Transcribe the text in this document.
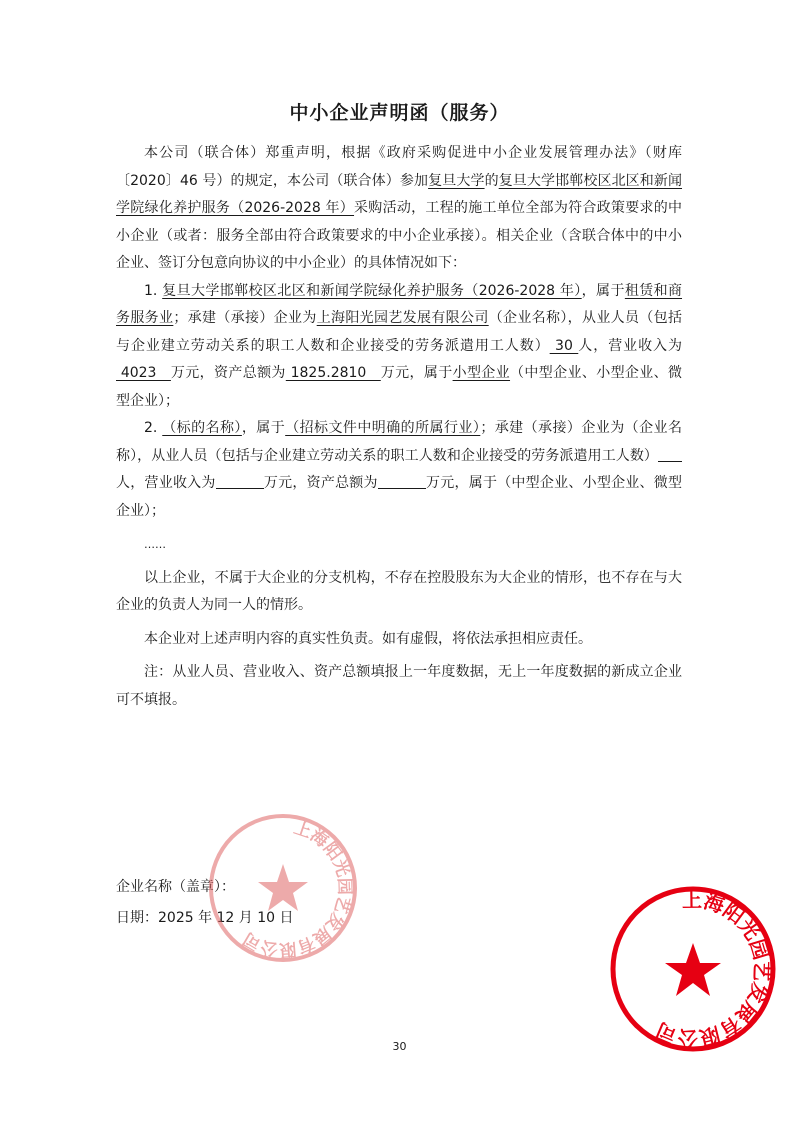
中小企业声明函（服务）

本公司（联合体）郑重声明，根据《政府采购促进中小企业发展管理办法》（财库〔2020〕46 号）的规定，本公司（联合体）参加复旦大学的复旦大学邯郸校区北区和新闻学院绿化养护服务（2026-2028 年）采购活动，工程的施工单位全部为符合政策要求的中小企业（或者：服务全部由符合政策要求的中小企业承接）。相关企业（含联合体中的中小企业、签订分包意向协议的中小企业）的具体情况如下：

1. 复旦大学邯郸校区北区和新闻学院绿化养护服务（2026-2028 年），属于租赁和商务服务业；承建（承接）企业为上海阳光园艺发展有限公司（企业名称），从业人员（包括与企业建立劳动关系的职工人数和企业接受的劳务派遣用工人数） 30 人，营业收入为 4023   万元，资产总额为 1825.2810   万元，属于小型企业（中型企业、小型企业、微型企业）；

2. （标的名称），属于（招标文件中明确的所属行业）；承建（承接）企业为（企业名称），从业人员（包括与企业建立劳动关系的职工人数和企业接受的劳务派遣用工人数）人，营业收入为	万元，资产总额为	万元，属于（中型企业、小型企业、微型企业）；

……

以上企业，不属于大企业的分支机构，不存在控股股东为大企业的情形，也不存在与大企业的负责人为同一人的情形。

本企业对上述声明内容的真实性负责。如有虚假，将依法承担相应责任。

注：从业人员、营业收入、资产总额填报上一年度数据，无上一年度数据的新成立企业可不填报。

企业名称（盖章）：
日期：2025 年 12 月 10 日
上海阳光园艺发展有限公司
上海阳光园艺发展有限公司
30
